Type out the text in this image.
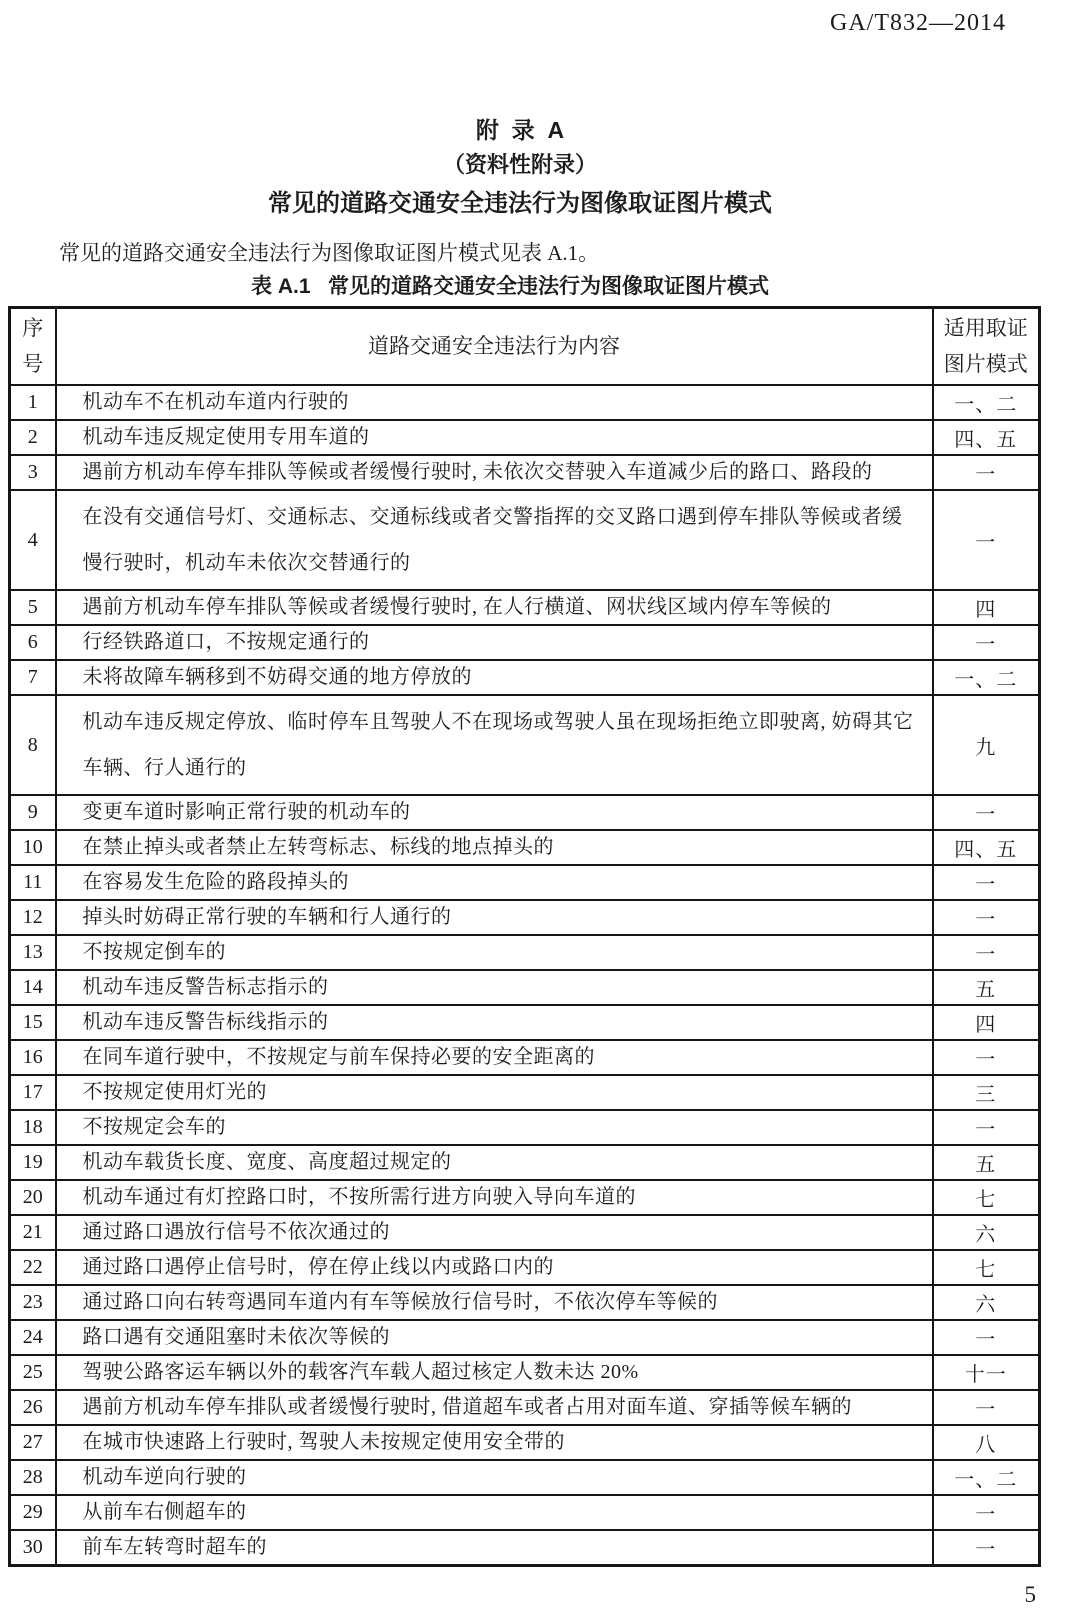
GA/T832—2014
附  录  A
（资料性附录）
常见的道路交通安全违法行为图像取证图片模式

常见的道路交通安全违法行为图像取证图片模式见表 A.1。

表 A.1   常见的道路交通安全违法行为图像取证图片模式
序号	道路交通安全违法行为内容	适用取证图片模式
1	机动车不在机动车道内行驶的	一、二
2	机动车违反规定使用专用车道的	四、五
3	遇前方机动车停车排队等候或者缓慢行驶时, 未依次交替驶入车道减少后的路口、路段的	一
4	在没有交通信号灯、交通标志、交通标线或者交警指挥的交叉路口遇到停车排队等候或者缓慢行驶时，机动车未依次交替通行的	一
5	遇前方机动车停车排队等候或者缓慢行驶时, 在人行横道、网状线区域内停车等候的	四
6	行经铁路道口，不按规定通行的	一
7	未将故障车辆移到不妨碍交通的地方停放的	一、二
8	机动车违反规定停放、临时停车且驾驶人不在现场或驾驶人虽在现场拒绝立即驶离, 妨碍其它车辆、行人通行的	九
9	变更车道时影响正常行驶的机动车的	一
10	在禁止掉头或者禁止左转弯标志、标线的地点掉头的	四、五
11	在容易发生危险的路段掉头的	一
12	掉头时妨碍正常行驶的车辆和行人通行的	一
13	不按规定倒车的	一
14	机动车违反警告标志指示的	五
15	机动车违反警告标线指示的	四
16	在同车道行驶中，不按规定与前车保持必要的安全距离的	一
17	不按规定使用灯光的	三
18	不按规定会车的	一
19	机动车载货长度、宽度、高度超过规定的	五
20	机动车通过有灯控路口时，不按所需行进方向驶入导向车道的	七
21	通过路口遇放行信号不依次通过的	六
22	通过路口遇停止信号时，停在停止线以内或路口内的	七
23	通过路口向右转弯遇同车道内有车等候放行信号时，不依次停车等候的	六
24	路口遇有交通阻塞时未依次等候的	一
25	驾驶公路客运车辆以外的载客汽车载人超过核定人数未达 20%	十一
26	遇前方机动车停车排队或者缓慢行驶时, 借道超车或者占用对面车道、穿插等候车辆的	一
27	在城市快速路上行驶时, 驾驶人未按规定使用安全带的	八
28	机动车逆向行驶的	一、二
29	从前车右侧超车的	一
30	前车左转弯时超车的	一
5
